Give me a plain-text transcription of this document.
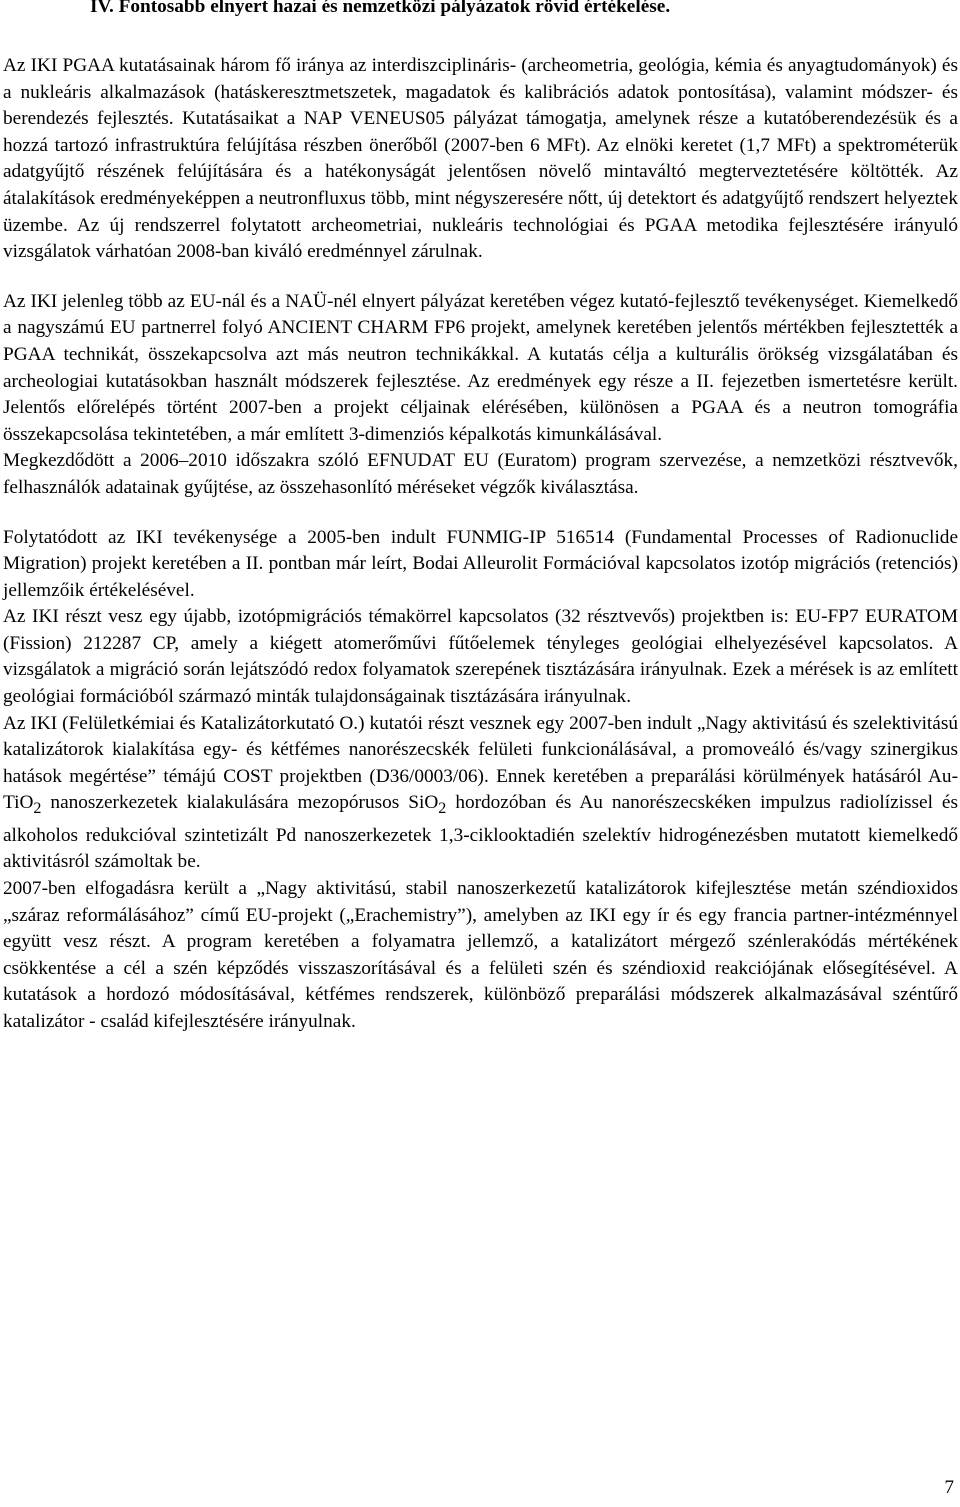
IV. Fontosabb elnyert hazai és nemzetközi pályázatok rövid értékelése.

Az IKI PGAA kutatásainak három fő iránya az interdiszciplináris- (archeometria, geológia, kémia és anyagtudományok) és a nukleáris alkalmazások (hatáskeresztmetszetek, magadatok és kalibrációs adatok pontosítása), valamint módszer- és berendezés fejlesztés. Kutatásaikat a NAP VENEUS05 pályázat támogatja, amelynek része a kutatóberendezésük és a hozzá tartozó infrastruktúra felújítása részben önerőből (2007-ben 6 MFt). Az elnöki keretet (1,7 MFt) a spektrométerük adatgyűjtő részének felújítására és a hatékonyságát jelentősen növelő mintaváltó megterveztetésére költötték. Az átalakítások eredményeképpen a neutronfluxus több, mint négyszeresére nőtt, új detektort és adatgyűjtő rendszert helyeztek üzembe. Az új rendszerrel folytatott archeometriai, nukleáris technológiai és PGAA metodika fejlesztésére irányuló vizsgálatok várhatóan 2008-ban kiváló eredménnyel zárulnak.

Az IKI jelenleg több az EU-nál és a NAÜ-nél elnyert pályázat keretében végez kutató-fejlesztő tevékenységet. Kiemelkedő a nagyszámú EU partnerrel folyó ANCIENT CHARM FP6 projekt, amelynek keretében jelentős mértékben fejlesztették a PGAA technikát, összekapcsolva azt más neutron technikákkal. A kutatás célja a kulturális örökség vizsgálatában és archeologiai kutatásokban használt módszerek fejlesztése. Az eredmények egy része a II. fejezetben ismertetésre került. Jelentős előrelépés történt 2007-ben a projekt céljainak elérésében, különösen a PGAA és a neutron tomográfia összekapcsolása tekintetében, a már említett 3-dimenziós képalkotás kimunkálásával.

Megkezdődött a 2006–2010 időszakra szóló EFNUDAT EU (Euratom) program szervezése, a nemzetközi résztvevők, felhasználók adatainak gyűjtése, az összehasonlító méréseket végzők kiválasztása.

Folytatódott az IKI tevékenysége a 2005-ben indult FUNMIG-IP 516514 (Fundamental Processes of Radionuclide Migration) projekt keretében a II. pontban már leírt, Bodai Alleurolit Formációval kapcsolatos izotóp migrációs (retenciós) jellemzőik értékelésével.

Az IKI részt vesz egy újabb, izotópmigrációs témakörrel kapcsolatos (32 résztvevős) projektben is: EU-FP7 EURATOM (Fission) 212287 CP, amely a kiégett atomerőművi fűtőelemek tényleges geológiai elhelyezésével kapcsolatos. A vizsgálatok a migráció során lejátszódó redox folyamatok szerepének tisztázására irányulnak. Ezek a mérések is az említett geológiai formációból származó minták tulajdonságainak tisztázására irányulnak.

Az IKI (Felületkémiai és Katalizátorkutató O.) kutatói részt vesznek egy 2007-ben indult „Nagy aktivitású és szelektivitású katalizátorok kialakítása egy- és kétfémes nanorészecskék felületi funkcionálásával, a promoveáló és/vagy szinergikus hatások megértése” témájú COST projektben (D36/0003/06). Ennek keretében a preparálási körülmények hatásáról Au-TiO$_2$ nanoszerkezetek kialakulására mezopórusos SiO$_2$ hordozóban és Au nanorészecskéken impulzus radiolízissel és alkoholos redukcióval szintetizált Pd nanoszerkezetek 1,3-ciklooktadién szelektív hidrogénezésben mutatott kiemelkedő aktivitásról számoltak be.

2007-ben elfogadásra került a „Nagy aktivitású, stabil nanoszerkezetű katalizátorok kifejlesztése metán széndioxidos „száraz reformálásához” című EU-projekt („Erachemistry”), amelyben az IKI egy ír és egy francia partner-intézménnyel együtt vesz részt. A program keretében a folyamatra jellemző, a katalizátort mérgező szénlerakódás mértékének csökkentése a cél a szén képződés visszaszorításával és a felületi szén és széndioxid reakciójának elősegítésével. A kutatások a hordozó módosításával, kétfémes rendszerek, különböző preparálási módszerek alkalmazásával széntűrő katalizátor - család kifejlesztésére irányulnak.

7
